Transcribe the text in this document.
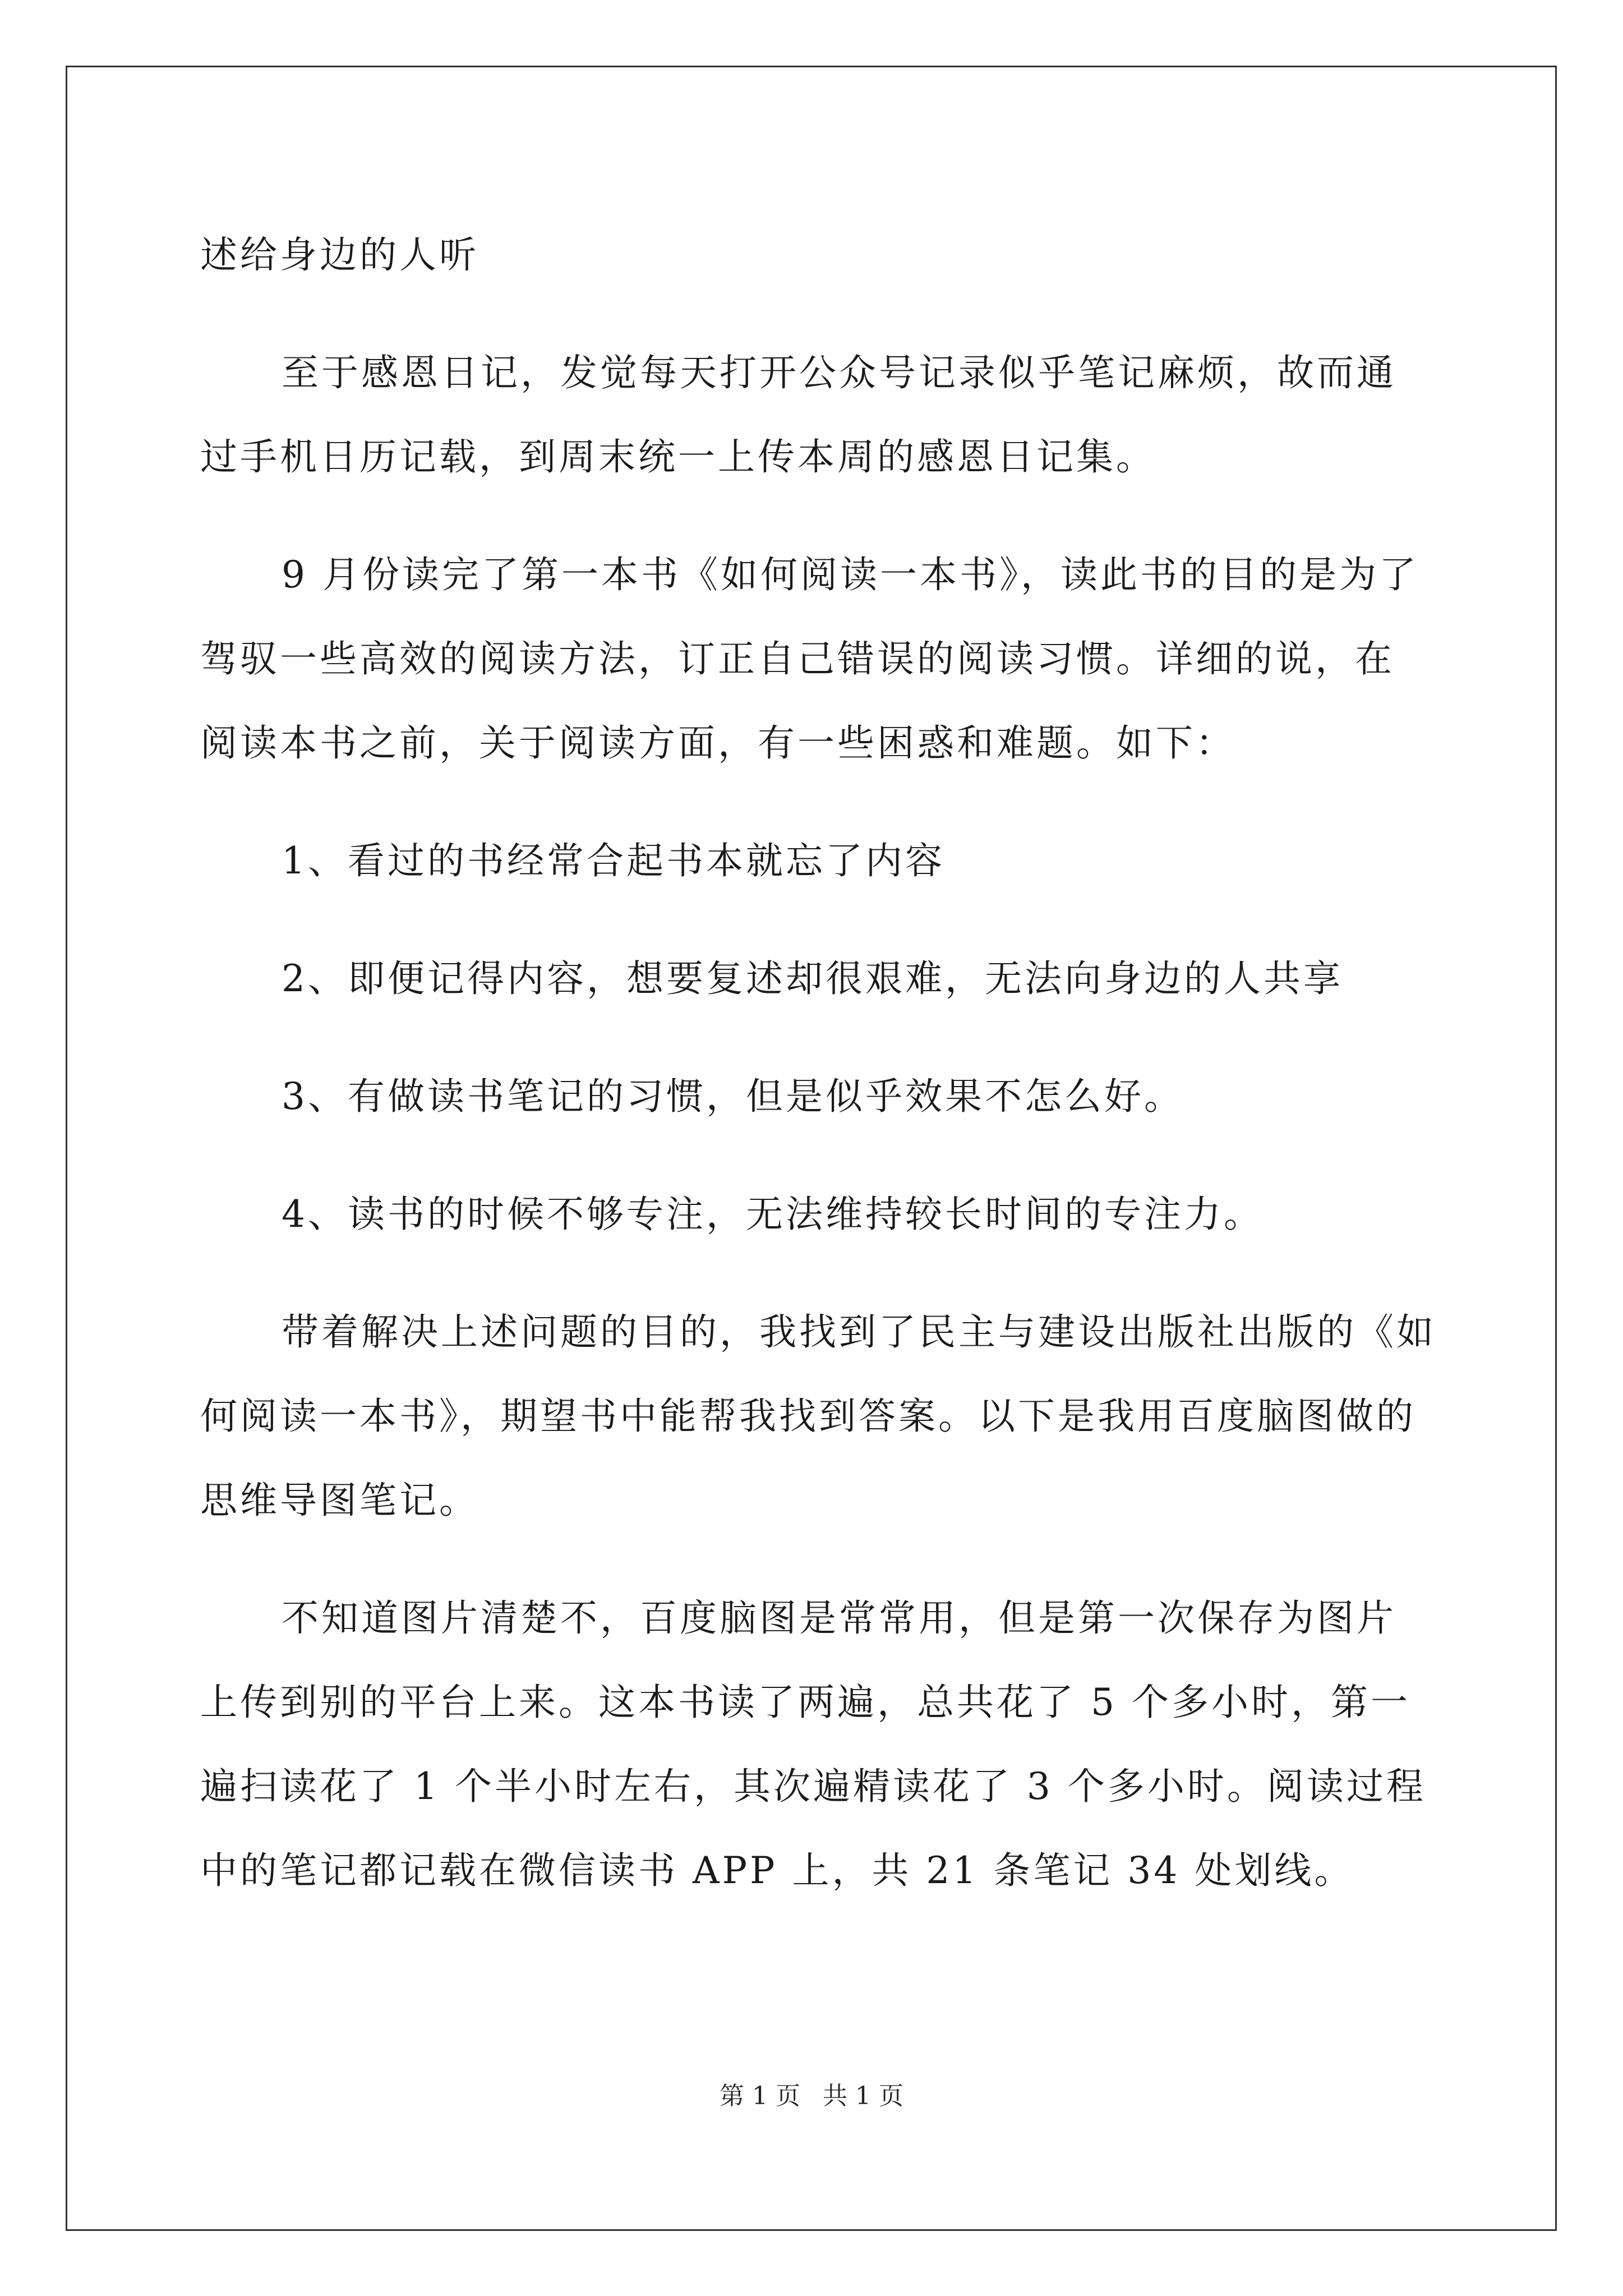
述给身边的人听
至于感恩日记，发觉每天打开公众号记录似乎笔记麻烦，故而通
过手机日历记载，到周末统一上传本周的感恩日记集。
9 月份读完了第一本书《如何阅读一本书》，读此书的目的是为了
驾驭一些高效的阅读方法，订正自己错误的阅读习惯。详细的说，在
阅读本书之前，关于阅读方面，有一些困惑和难题。如下：
1、看过的书经常合起书本就忘了内容
2、即便记得内容，想要复述却很艰难，无法向身边的人共享
3、有做读书笔记的习惯，但是似乎效果不怎么好。
4、读书的时候不够专注，无法维持较长时间的专注力。
带着解决上述问题的目的，我找到了民主与建设出版社出版的《如
何阅读一本书》，期望书中能帮我找到答案。以下是我用百度脑图做的
思维导图笔记。
不知道图片清楚不，百度脑图是常常用，但是第一次保存为图片
上传到别的平台上来。这本书读了两遍，总共花了 5 个多小时，第一
遍扫读花了 1 个半小时左右，其次遍精读花了 3 个多小时。阅读过程
中的笔记都记载在微信读书 APP 上，共 21 条笔记 34 处划线。
第 1 页 共 1 页
